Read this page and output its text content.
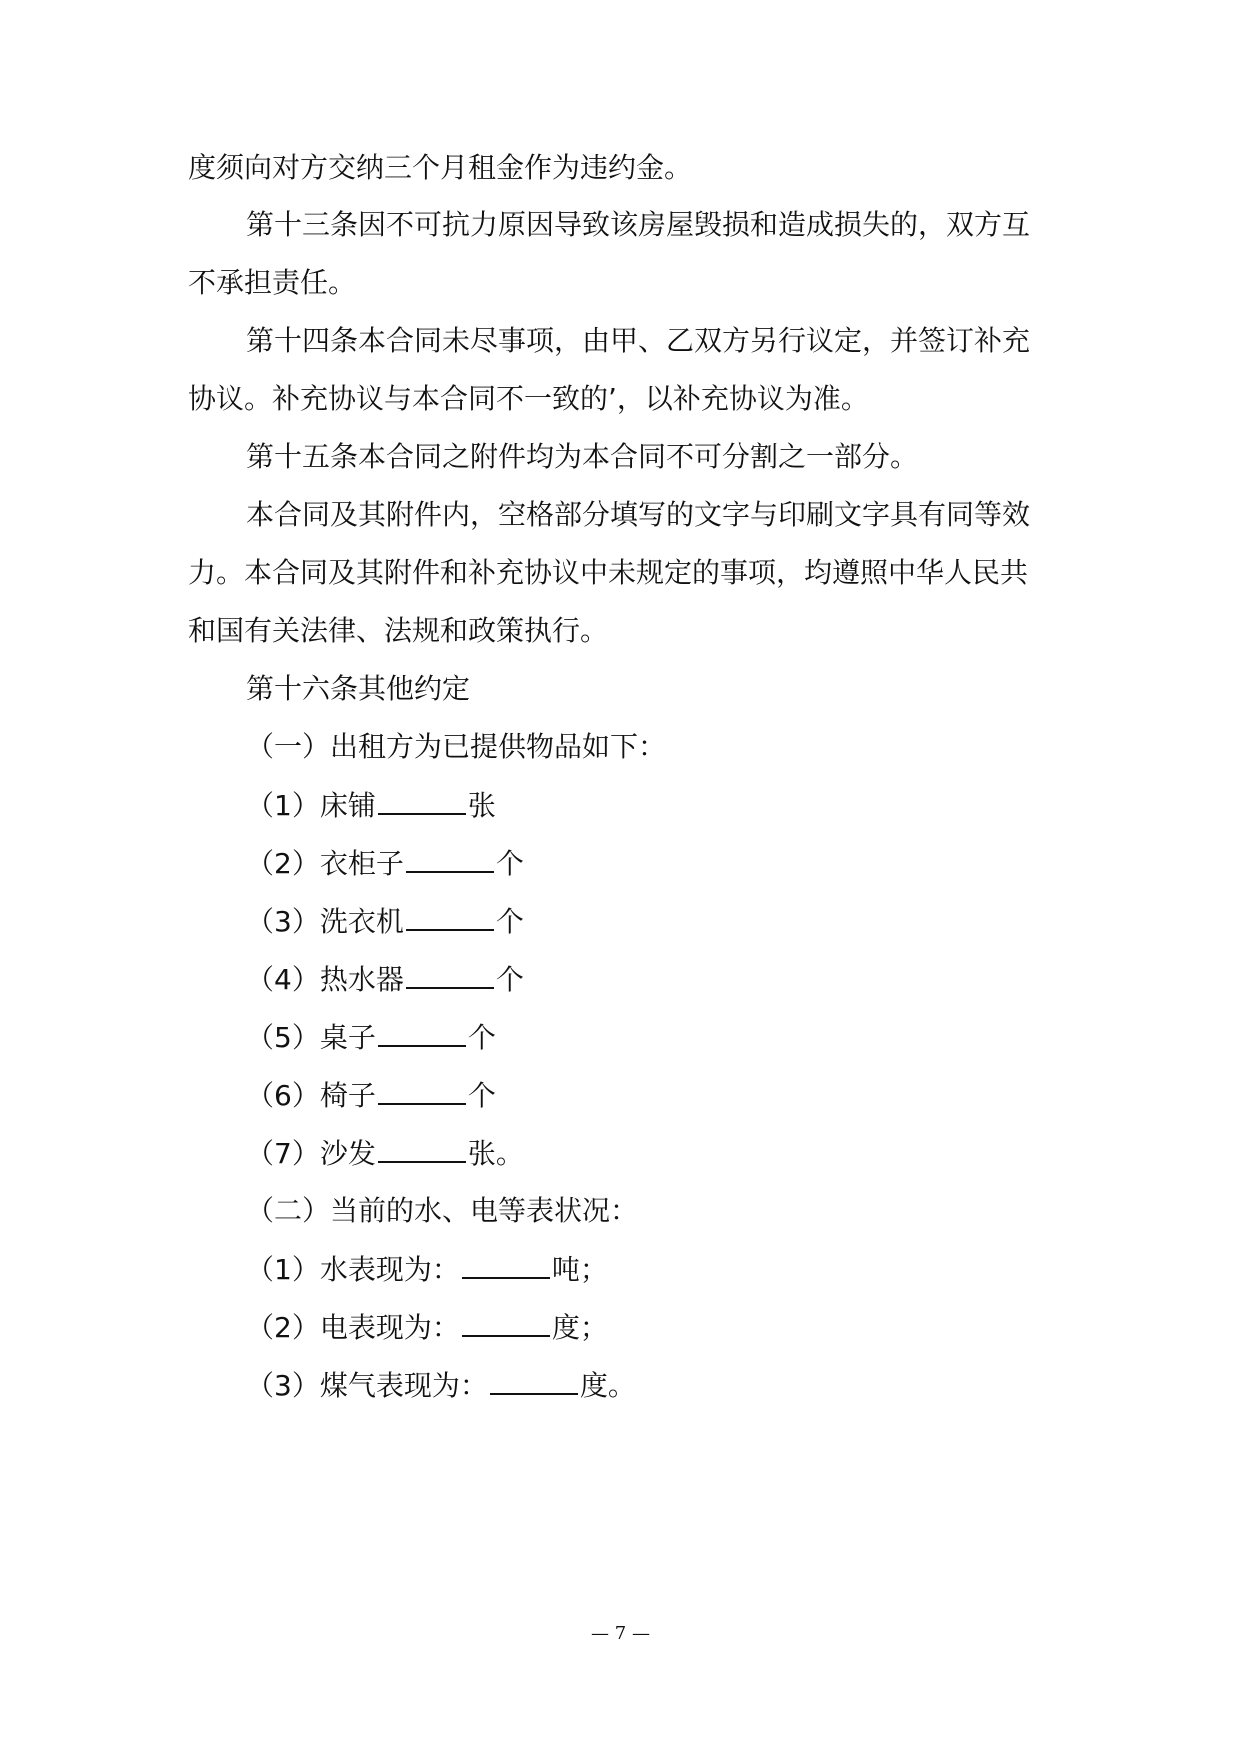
度须向对方交纳三个月租金作为违约金。
第十三条因不可抗力原因导致该房屋毁损和造成损失的，双方互
不承担责任。
第十四条本合同未尽事项，由甲、乙双方另行议定，并签订补充
协议。补充协议与本合同不一致的’，以补充协议为准。
第十五条本合同之附件均为本合同不可分割之一部分。
本合同及其附件内，空格部分填写的文字与印刷文字具有同等效
力。本合同及其附件和补充协议中未规定的事项，均遵照中华人民共
和国有关法律、法规和政策执行。
第十六条其他约定
（一）出租方为已提供物品如下：
（1）床铺	张
（2）衣柜子	个
（3）洗衣机	个
（4）热水器	个
（5）桌子	个
（6）椅子	个
（7）沙发	张。
（二）当前的水、电等表状况：
（1）水表现为：	吨；
（2）电表现为：	度；
（3）煤气表现为：	度。
— 7 —
